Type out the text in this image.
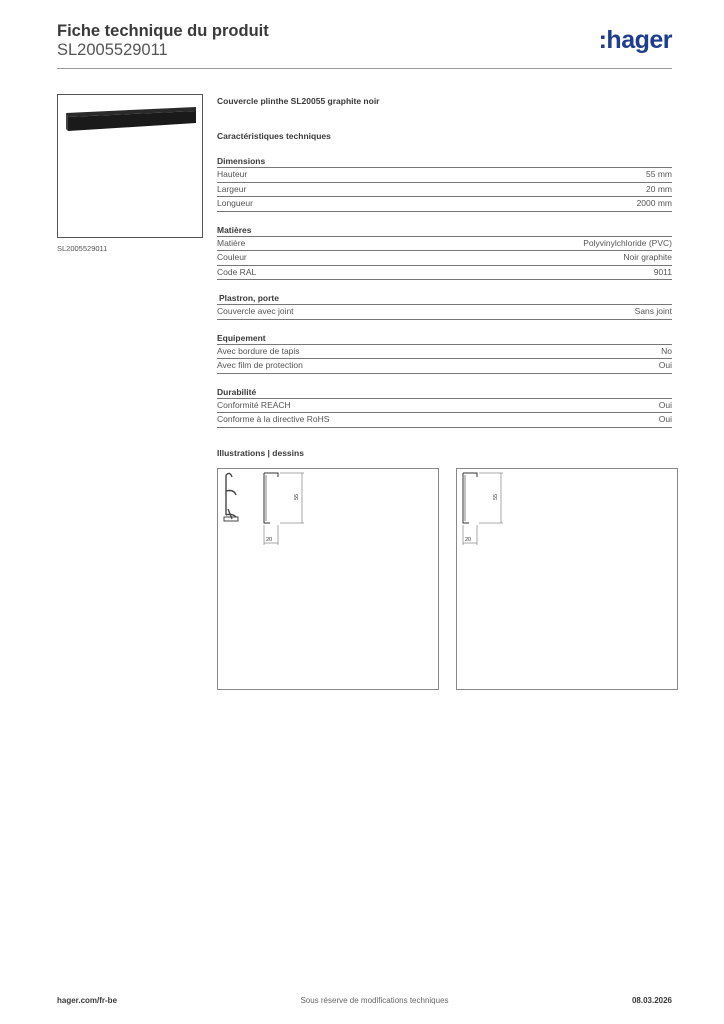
Fiche technique du produit
SL2005529011	:hager
SL2005529011
Couvercle plinthe SL20055 graphite noir
Caractéristiques techniques
Dimensions
Hauteur	55 mm
Largeur	20 mm
Longueur	2000 mm
Matières
Matière	Polyvinylchloride (PVC)
Couleur	Noir graphite
Code RAL	9011
Plastron, porte
Couvercle avec joint	Sans joint
Equipement
Avec bordure de tapis	No
Avec film de protection	Oui
Durabilité
Conformité REACH	Oui
Conforme à la directive RoHS	Oui
Illustrations | dessins
55
20
55
20
hager.com/fr-be	Sous réserve de modifications techniques	08.03.2026
